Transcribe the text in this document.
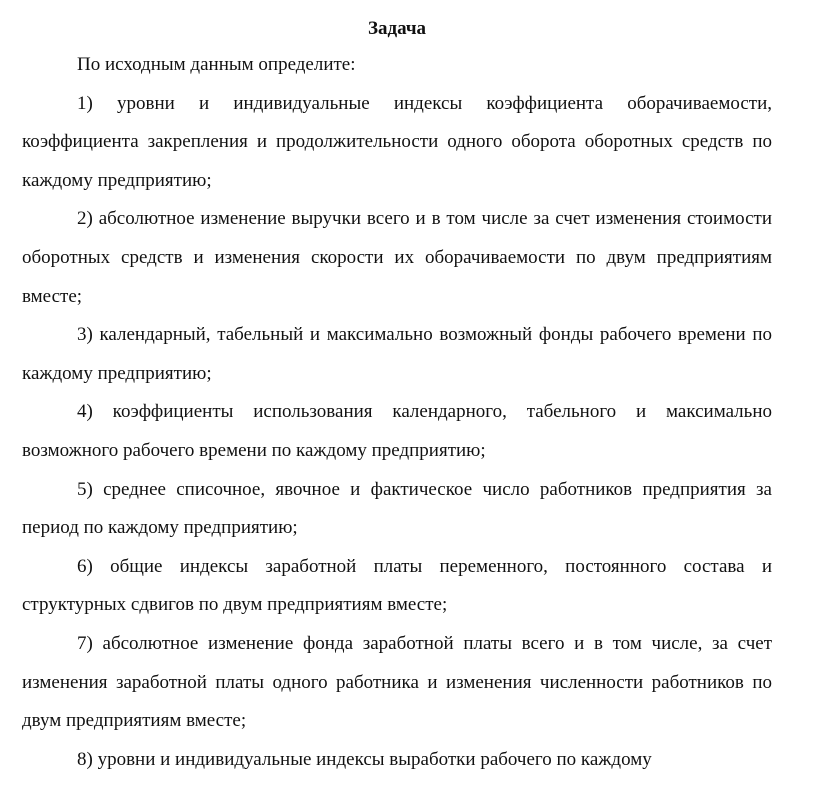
Задача

По исходным данным определите:

1) уровни и индивидуальные индексы коэффициента оборачиваемости, коэффициента закрепления и продолжительности одного оборота оборотных средств по каждому предприятию;

2) абсолютное изменение выручки всего и в том числе за счет изменения стоимости оборотных средств и изменения скорости их оборачиваемости по двум предприятиям вместе;

3) календарный, табельный и максимально возможный фонды рабочего времени по каждому предприятию;

4) коэффициенты использования календарного, табельного и максимально возможного рабочего времени по каждому предприятию;

5) среднее списочное, явочное и фактическое число работников предприятия за период по каждому предприятию;

6) общие индексы заработной платы переменного, постоянного состава и структурных сдвигов по двум предприятиям вместе;

7) абсолютное изменение фонда заработной платы всего и в том числе, за счет изменения заработной платы одного работника и изменения численности работников по двум предприятиям вместе;

8) уровни и индивидуальные индексы выработки рабочего по каждому
